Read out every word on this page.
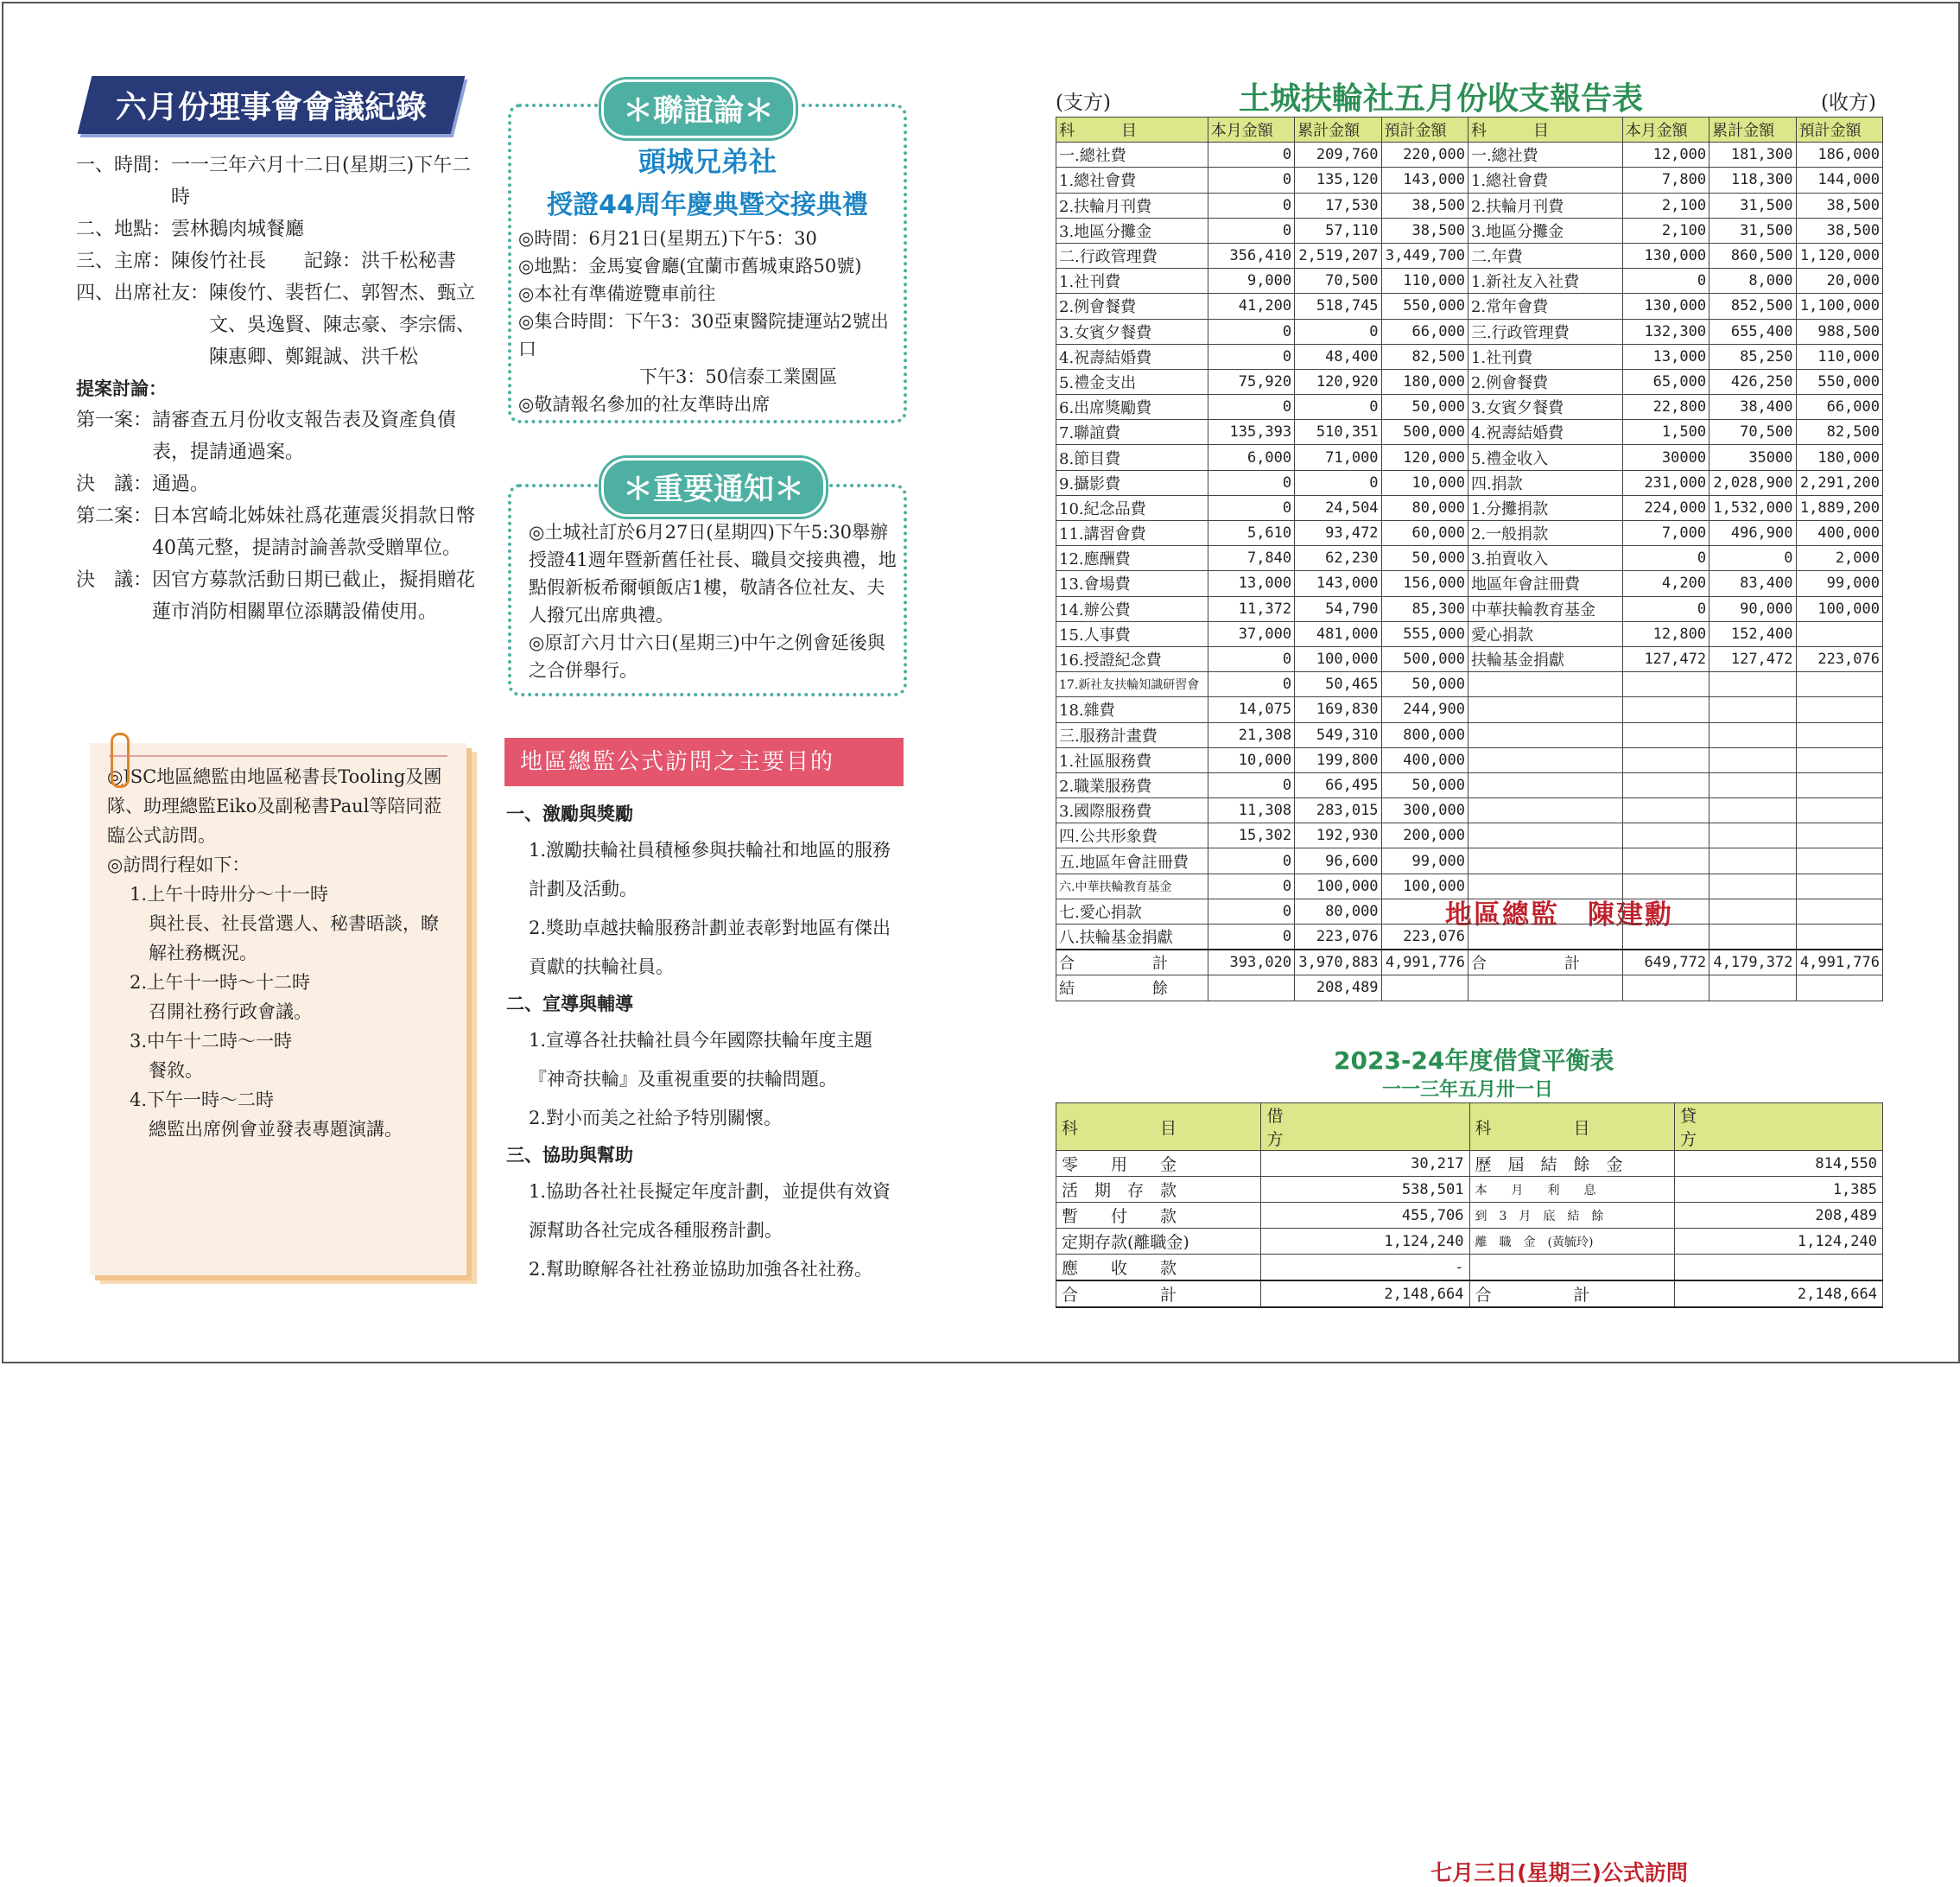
六月份理事會會議紀錄
一、時間： 一一三年六月十二日(星期三)下午二時
二、地點： 雲林鵝肉城餐廳
三、主席： 陳俊竹社長　　記錄：洪千松秘書
四、出席社友： 陳俊竹、裴哲仁、郭智杰、甄立文、吳逸賢、陳志豪、李宗儒、陳惠卿、鄭錕誠、洪千松
提案討論：
第一案： 請審查五月份收支報告表及資產負債表，提請通過案。
決　議： 通過。
第二案： 日本宮崎北姊妹社爲花蓮震災捐款日幣40萬元整，提請討論善款受贈單位。
決　議： 因官方募款活動日期已截止，擬捐贈花蓮市消防相關單位添購設備使用。
地區總監　陳建勳
七月三日(星期三)公式訪問
◎JSC地區總監由地區秘書長Tooling及團隊、助理總監Eiko及副秘書Paul等陪同蒞臨公式訪問。
◎訪問行程如下：
1.上午十時卅分～十一時
與社長、社長當選人、秘書晤談，瞭解社務概況。
2.上午十一時～十二時
召開社務行政會議。
3.中午十二時～一時
餐敘。
4.下午一時～二時
總監出席例會並發表專題演講。
頭城兄弟社
授證44周年慶典暨交接典禮
◎時間：6月21日(星期五)下午5：30
◎地點：金馬宴會廳(宜蘭市舊城東路50號)
◎本社有準備遊覽車前往
◎集合時間：下午3：30亞東醫院捷運站2號出口
下午3：50信泰工業園區
◎敬請報名參加的社友準時出席
＊聯誼論＊
◎土城社訂於6月27日(星期四)下午5:30舉辦授證41週年暨新舊任社長、職員交接典禮，地點假新板希爾頓飯店1樓，敬請各位社友、夫人撥冗出席典禮。
◎原訂六月廿六日(星期三)中午之例會延後與之合併舉行。
＊重要通知＊
地區總監公式訪問之主要目的
一、激勵與獎勵
1.激勵扶輪社員積極參與扶輪社和地區的服務計劃及活動。
2.獎助卓越扶輪服務計劃並表彰對地區有傑出貢獻的扶輪社員。
二、宣導與輔導
1.宣導各社扶輪社員今年國際扶輪年度主題『神奇扶輪』及重視重要的扶輪問題。
2.對小而美之社給予特別關懷。
三、協助與幫助
1.協助各社社長擬定年度計劃，並提供有效資源幫助各社完成各種服務計劃。
2.幫助瞭解各社社務並協助加強各社社務。
土城扶輪社五月份收支報告表
(支方)	(收方)
科　　　目	本月金額	累計金額	預計金額	科　　　目	本月金額	累計金額	預計金額
一.總社費	0	209,760	220,000	一.總社費	12,000	181,300	186,000
1.總社會費	0	135,120	143,000	1.總社會費	7,800	118,300	144,000
2.扶輪月刊費	0	17,530	38,500	2.扶輪月刊費	2,100	31,500	38,500
3.地區分攤金	0	57,110	38,500	3.地區分攤金	2,100	31,500	38,500
二.行政管理費	356,410	2,519,207	3,449,700	二.年費	130,000	860,500	1,120,000
1.社刊費	9,000	70,500	110,000	1.新社友入社費	0	8,000	20,000
2.例會餐費	41,200	518,745	550,000	2.常年會費	130,000	852,500	1,100,000
3.女賓夕餐費	0	0	66,000	三.行政管理費	132,300	655,400	988,500
4.祝壽結婚費	0	48,400	82,500	1.社刊費	13,000	85,250	110,000
5.禮金支出	75,920	120,920	180,000	2.例會餐費	65,000	426,250	550,000
6.出席獎勵費	0	0	50,000	3.女賓夕餐費	22,800	38,400	66,000
7.聯誼費	135,393	510,351	500,000	4.祝壽結婚費	1,500	70,500	82,500
8.節目費	6,000	71,000	120,000	5.禮金收入	30000	35000	180,000
9.攝影費	0	0	10,000	四.捐款	231,000	2,028,900	2,291,200
10.紀念品費	0	24,504	80,000	1.分攤捐款	224,000	1,532,000	1,889,200
11.講習會費	5,610	93,472	60,000	2.一般捐款	7,000	496,900	400,000
12.應酬費	7,840	62,230	50,000	3.拍賣收入	0	0	2,000
13.會場費	13,000	143,000	156,000	地區年會註冊費	4,200	83,400	99,000
14.辦公費	11,372	54,790	85,300	中華扶輪教育基金	0	90,000	100,000
15.人事費	37,000	481,000	555,000	愛心捐款	12,800	152,400	
16.授證紀念費	0	100,000	500,000	扶輪基金捐獻	127,472	127,472	223,076
17.新社友扶輪知識研習會	0	50,465	50,000				
18.雜費	14,075	169,830	244,900				
三.服務計畫費	21,308	549,310	800,000				
1.社區服務費	10,000	199,800	400,000				
2.職業服務費	0	66,495	50,000				
3.國際服務費	11,308	283,015	300,000				
四.公共形象費	15,302	192,930	200,000				
五.地區年會註冊費	0	96,600	99,000				
六.中華扶輪教育基金	0	100,000	100,000				
七.愛心捐款	0	80,000					
八.扶輪基金捐獻	0	223,076	223,076				
合　　　　　計	393,020	3,970,883	4,991,776	合　　　　　計	649,772	4,179,372	4,991,776
結　　　　　餘		208,489					
2023-24年度借貸平衡表
一一三年五月卅一日
科　　　　　目	借　　　　　　　　　　　方	科　　　　　目	貸　　　　　　　　　　　方
零　　用　　金	30,217	歷　屆　結　餘　金	814,550
活　期　存　款	538,501	本　　月　　利　　息	1,385
暫　　付　　款	455,706	到　3　月　底　結　餘	208,489
定期存款(離職金)	1,124,240	離　職　金　(黃毓玲)	1,124,240
應　　收　　款	-		
合　　　　　計	2,148,664	合　　　　　計	2,148,664
